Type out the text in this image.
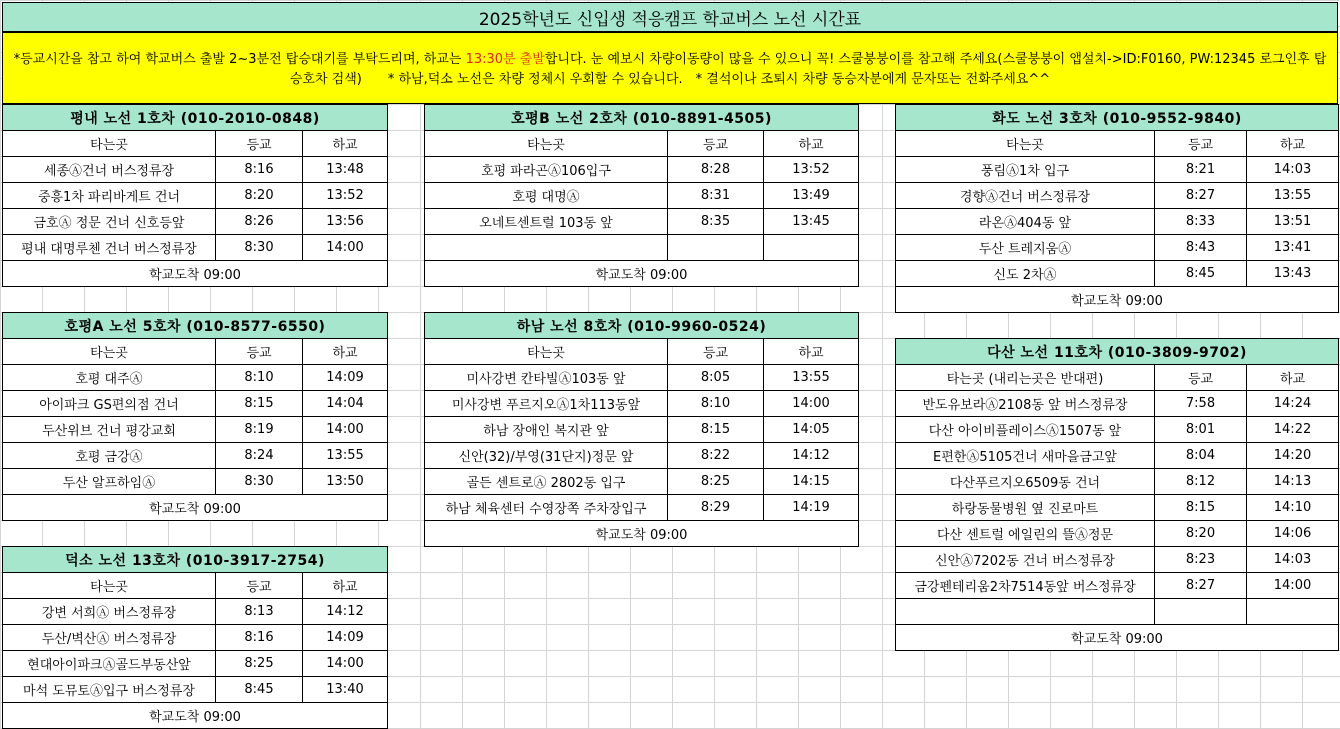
2025학년도 신입생 적응캠프 학교버스 노선 시간표
*등교시간을 참고 하여 학교버스 출발 2~3분전 탑승대기를 부탁드리며, 하교는 13:30분 출발합니다. 눈 예보시 차량이동량이 많을 수 있으니 꼭! 스쿨붕붕이를 참고해 주세요(스쿨붕붕이 앱설치->ID:F0160, PW:12345 로그인후 탑승호차 검색)　　* 하남,덕소 노선은 차량 정체시 우회할 수 있습니다.　* 결석이나 조퇴시 차량 동승자분에게 문자또는 전화주세요^^
평내 노선 1호차 (010-2010-0848)		
타는곳	등교	하교
세종Ⓐ건너 버스정류장	8:16	13:48
중흥1차 파리바게트 건너	8:20	13:52
금호Ⓐ 정문 건너 신호등앞	8:26	13:56
평내 대명루첸 건너 버스정류장	8:30	14:00
학교도착 09:00		
호평B 노선 2호차 (010-8891-4505)		
타는곳	등교	하교
호평 파라곤Ⓐ106입구	8:28	13:52
호평 대명Ⓐ	8:31	13:49
오네트센트럴 103동 앞	8:35	13:45

학교도착 09:00		
화도 노선 3호차 (010-9552-9840)		
타는곳	등교	하교
풍림Ⓐ1차 입구	8:21	14:03
경향Ⓐ건너 버스정류장	8:27	13:55
라온Ⓐ404동 앞	8:33	13:51
두산 트레지움Ⓐ	8:43	13:41
신도 2차Ⓐ	8:45	13:43
학교도착 09:00		
호평A 노선 5호차 (010-8577-6550)		
타는곳	등교	하교
호평 대주Ⓐ	8:10	14:09
아이파크 GS편의점 건너	8:15	14:04
두산위브 건너 평강교회	8:19	14:00
호평 금강Ⓐ	8:24	13:55
두산 알프하임Ⓐ	8:30	13:50
학교도착 09:00		
하남 노선 8호차 (010-9960-0524)		
타는곳	등교	하교
미사강변 칸타빌Ⓐ103동 앞	8:05	13:55
미사강변 푸르지오Ⓐ1차113동앞	8:10	14:00
하남 장애인 복지관 앞	8:15	14:05
신안(32)/부영(31단지)정문 앞	8:22	14:12
골든 센트로Ⓐ 2802동 입구	8:25	14:15
하남 체육센터 수영장쪽 주차장입구	8:29	14:19
학교도착 09:00		
다산 노선 11호차 (010-3809-9702)		
타는곳 (내리는곳은 반대편)	등교	하교
반도유보라Ⓐ2108동 앞 버스정류장	7:58	14:24
다산 아이비플레이스Ⓐ1507동 앞	8:01	14:22
E편한Ⓐ5105건너 새마을금고앞	8:04	14:20
다산푸르지오6509동 건너	8:12	14:13
하랑동물병원 옆 진로마트	8:15	14:10
다산 센트럴 에일린의 뜰Ⓐ정문	8:20	14:06
신안Ⓐ7202동 건너 버스정류장	8:23	14:03
금강펜테리움2차7514동앞 버스정류장	8:27	14:00

학교도착 09:00		
덕소 노선 13호차 (010-3917-2754)		
타는곳	등교	하교
강변 서희Ⓐ 버스정류장	8:13	14:12
두산/벽산Ⓐ 버스정류장	8:16	14:09
현대아이파크Ⓐ골드부동산앞	8:25	14:00
마석 도뮤토Ⓐ입구 버스정류장	8:45	13:40
학교도착 09:00		
